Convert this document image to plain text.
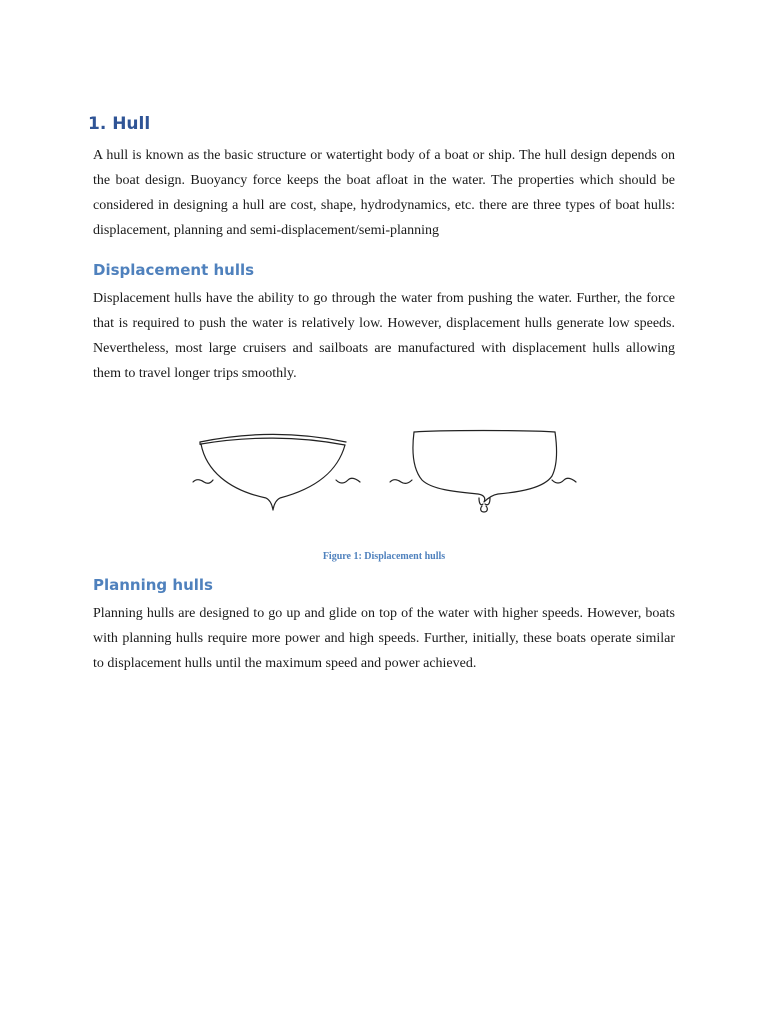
1. Hull

A hull is known as the basic structure or watertight body of a boat or ship. The hull design depends on the boat design. Buoyancy force keeps the boat afloat in the water. The properties which should be considered in designing a hull are cost, shape, hydrodynamics, etc. there are three types of boat hulls: displacement, planning and semi-displacement/semi-planning

Displacement hulls

Displacement hulls have the ability to go through the water from pushing the water. Further, the force that is required to push the water is relatively low. However, displacement hulls generate low speeds. Nevertheless, most large cruisers and sailboats are manufactured with displacement hulls allowing them to travel longer trips smoothly.

Figure 1: Displacement hulls
Planning hulls

Planning hulls are designed to go up and glide on top of the water with higher speeds. However, boats with planning hulls require more power and high speeds. Further, initially, these boats operate similar to displacement hulls until the maximum speed and power achieved.
